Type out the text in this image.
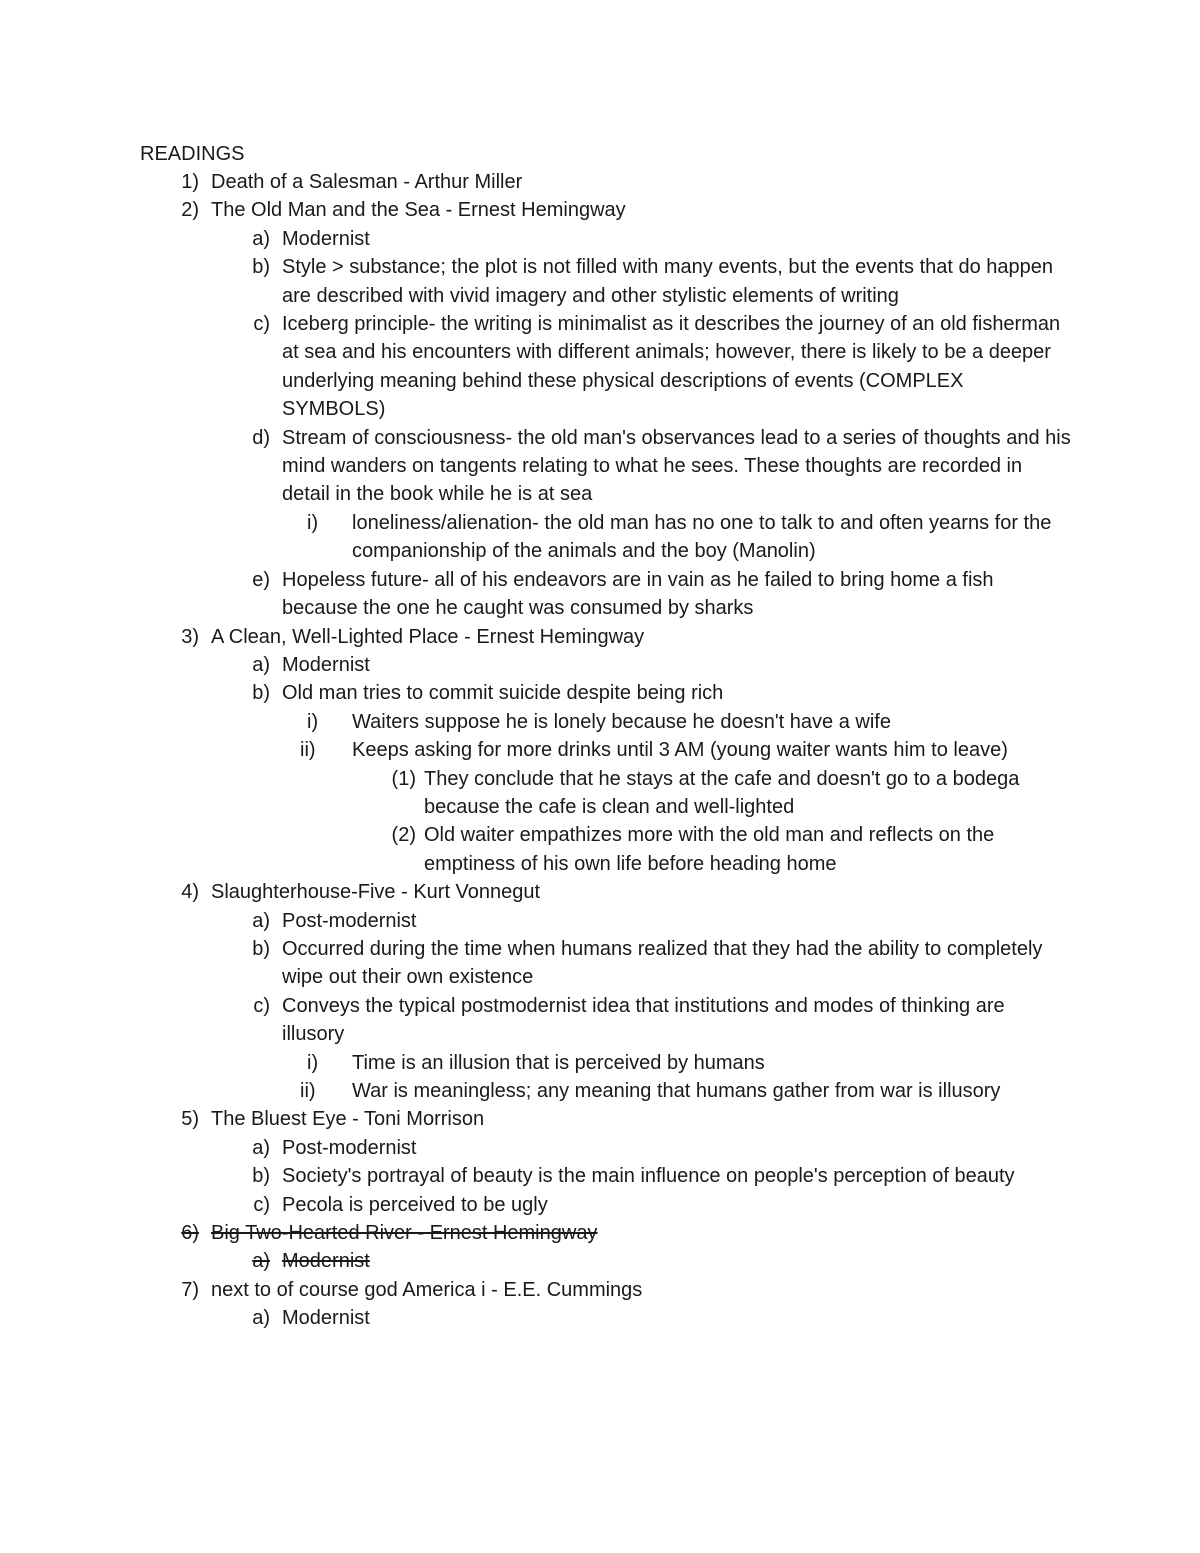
READINGS
1) Death of a Salesman - Arthur Miller
2) The Old Man and the Sea - Ernest Hemingway
a) Modernist
b) Style > substance; the plot is not filled with many events, but the events that do happen are described with vivid imagery and other stylistic elements of writing
c) Iceberg principle- the writing is minimalist as it describes the journey of an old fisherman at sea and his encounters with different animals; however, there is likely to be a deeper underlying meaning behind these physical descriptions of events (COMPLEX SYMBOLS)
d) Stream of consciousness- the old man's observances lead to a series of thoughts and his mind wanders on tangents relating to what he sees. These thoughts are recorded in detail in the book while he is at sea
i)	loneliness/alienation- the old man has no one to talk to and often yearns for the companionship of the animals and the boy (Manolin)
e) Hopeless future- all of his endeavors are in vain as he failed to bring home a fish because the one he caught was consumed by sharks
3) A Clean, Well-Lighted Place - Ernest Hemingway
a) Modernist
b) Old man tries to commit suicide despite being rich
i)	Waiters suppose he is lonely because he doesn't have a wife
ii)	Keeps asking for more drinks until 3 AM (young waiter wants him to leave)
(1) They conclude that he stays at the cafe and doesn't go to a bodega because the cafe is clean and well-lighted
(2) Old waiter empathizes more with the old man and reflects on the emptiness of his own life before heading home
4) Slaughterhouse-Five - Kurt Vonnegut
a) Post-modernist
b) Occurred during the time when humans realized that they had the ability to completely wipe out their own existence
c) Conveys the typical postmodernist idea that institutions and modes of thinking are illusory
i)	Time is an illusion that is perceived by humans
ii)	War is meaningless; any meaning that humans gather from war is illusory
5) The Bluest Eye - Toni Morrison
a) Post-modernist
b) Society's portrayal of beauty is the main influence on people's perception of beauty
c) Pecola is perceived to be ugly
6) Big Two-Hearted River - Ernest Hemingway
a) Modernist
7) next to of course god America i - E.E. Cummings
a) Modernist
